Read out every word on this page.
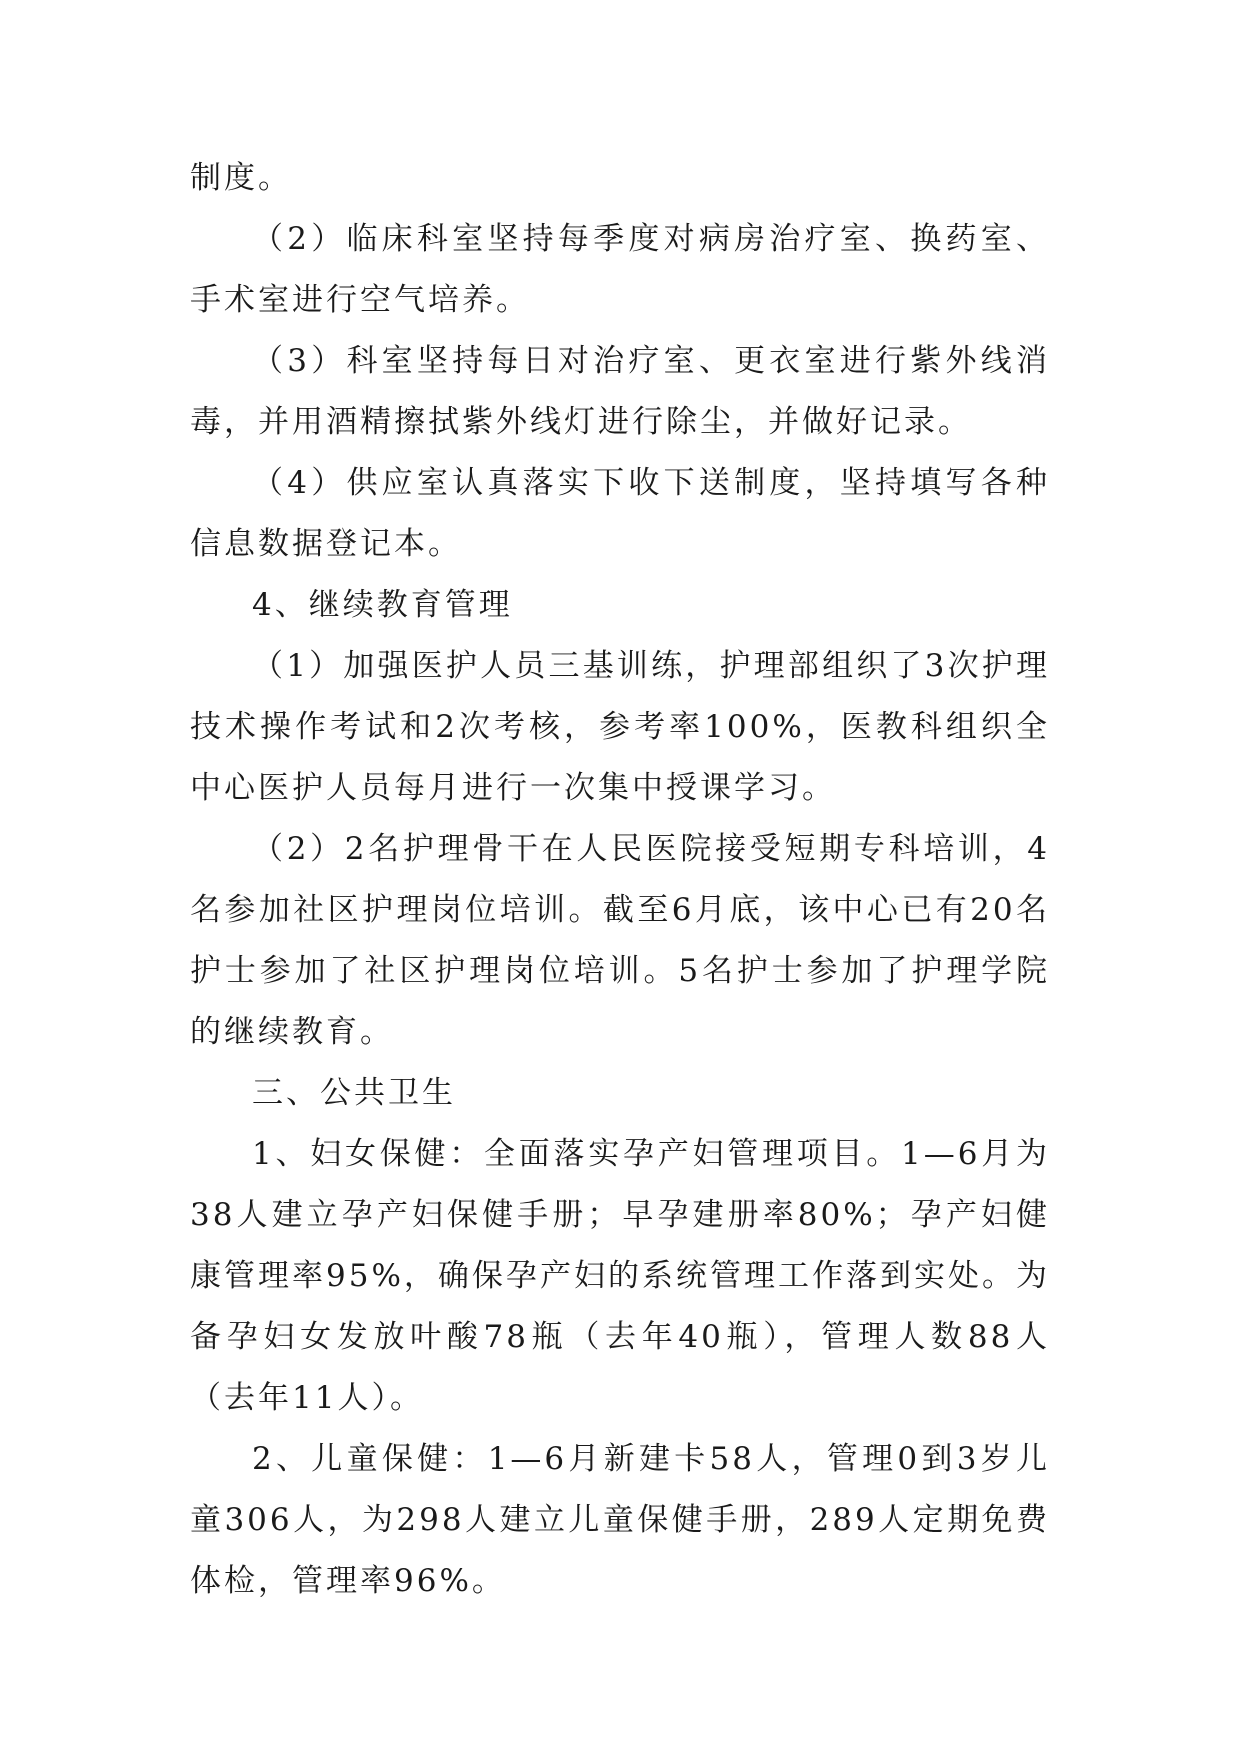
制度。

（2）临床科室坚持每季度对病房治疗室、换药室、手术室进行空气培养。

（3）科室坚持每日对治疗室、更衣室进行紫外线消毒，并用酒精擦拭紫外线灯进行除尘，并做好记录。

（4）供应室认真落实下收下送制度，坚持填写各种信息数据登记本。

4、继续教育管理

（1）加强医护人员三基训练，护理部组织了3次护理技术操作考试和2次考核，参考率100%，医教科组织全中心医护人员每月进行一次集中授课学习。

（2）2名护理骨干在人民医院接受短期专科培训，4名参加社区护理岗位培训。截至6月底，该中心已有20名护士参加了社区护理岗位培训。5名护士参加了护理学院的继续教育。

三、公共卫生

1、妇女保健：全面落实孕产妇管理项目。1—6月为38人建立孕产妇保健手册；早孕建册率80%；孕产妇健康管理率95%，确保孕产妇的系统管理工作落到实处。为备孕妇女发放叶酸78瓶（去年40瓶），管理人数88人（去年11人）。

2、儿童保健：1—6月新建卡58人，管理0到3岁儿童306人，为298人建立儿童保健手册，289人定期免费体检，管理率96%。
